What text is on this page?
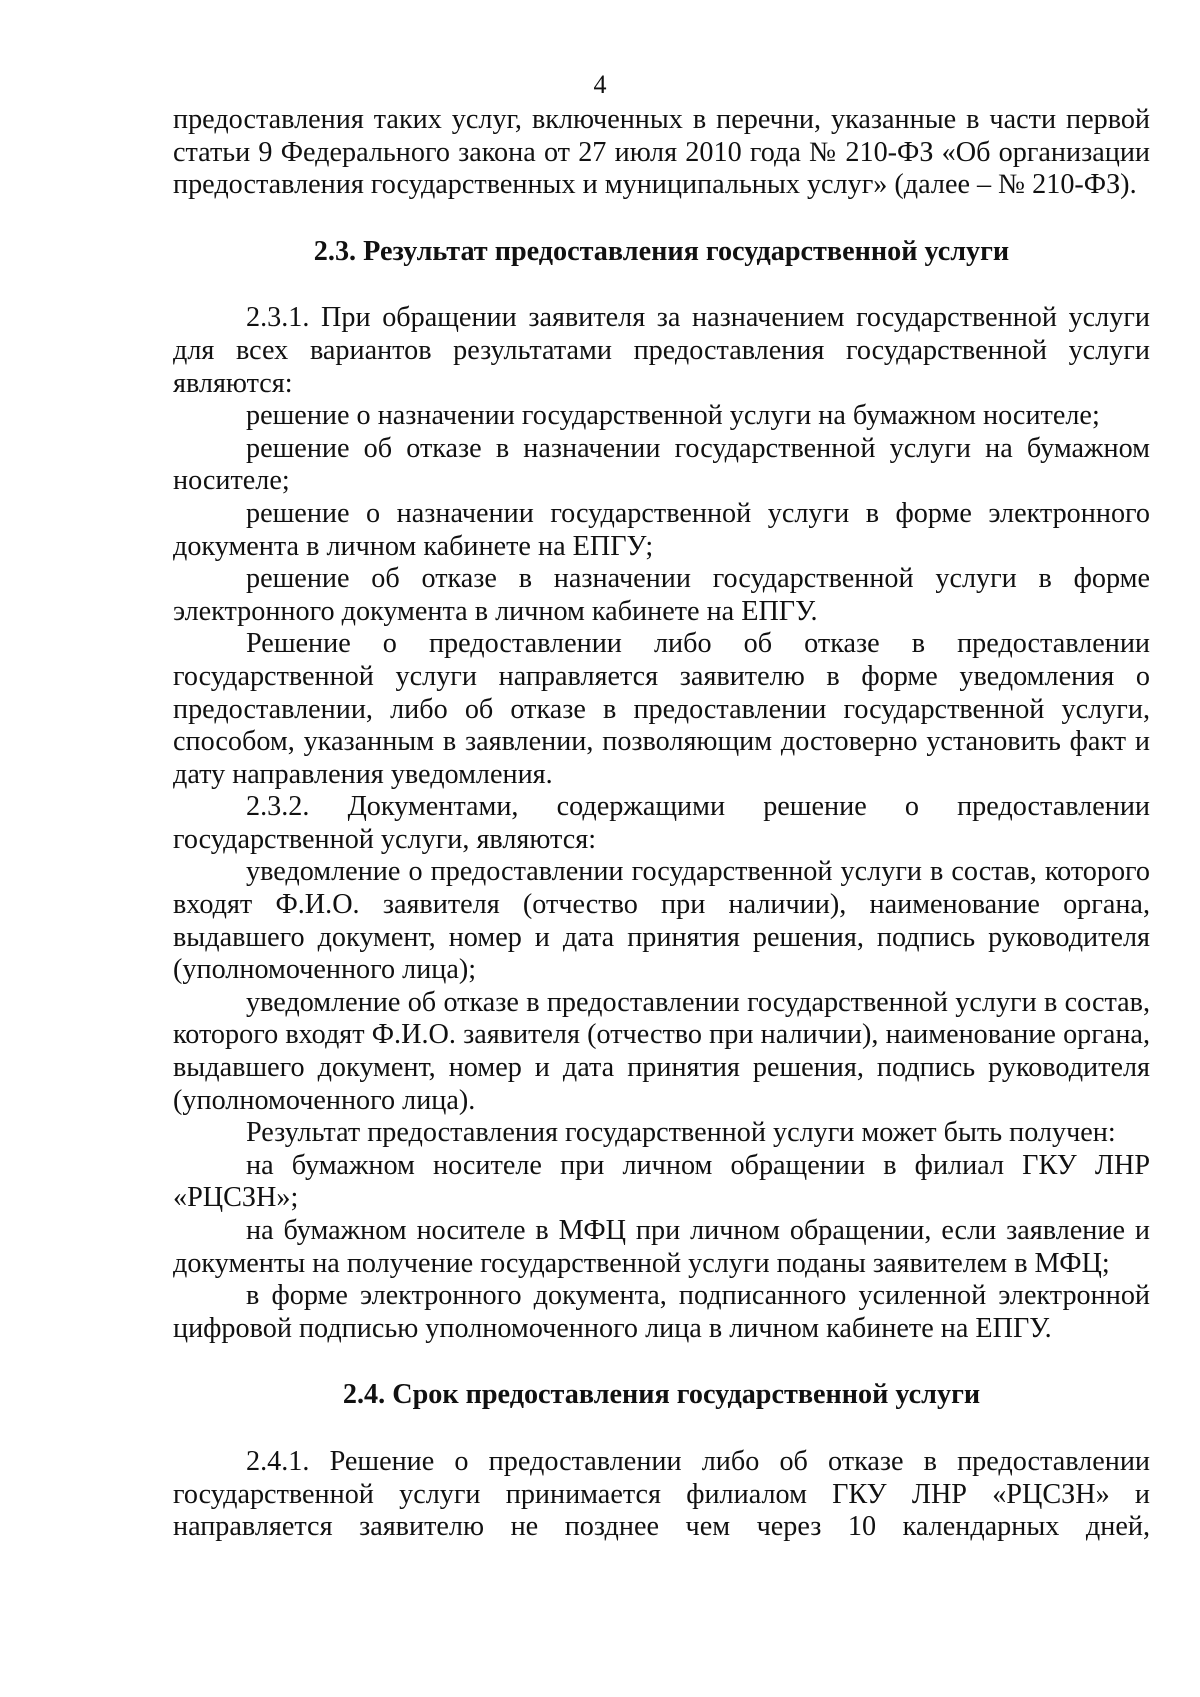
4

предоставления таких услуг, включенных в перечни, указанные в части первой статьи 9 Федерального закона от 27 июля 2010 года № 210-ФЗ «Об организации предоставления государственных и муниципальных услуг» (далее – № 210-ФЗ).

2.3. Результат предоставления государственной услуги

2.3.1. При обращении заявителя за назначением государственной услуги для всех вариантов результатами предоставления государственной услуги являются:

решение о назначении государственной услуги на бумажном носителе;

решение об отказе в назначении государственной услуги на бумажном носителе;

решение о назначении государственной услуги в форме электронного документа в личном кабинете на ЕПГУ;

решение об отказе в назначении государственной услуги в форме электронного документа в личном кабинете на ЕПГУ.

Решение о предоставлении либо об отказе в предоставлении государственной услуги направляется заявителю в форме уведомления о предоставлении, либо об отказе в предоставлении государственной услуги, способом, указанным в заявлении, позволяющим достоверно установить факт и дату направления уведомления.

2.3.2. Документами, содержащими решение о предоставлении государственной услуги, являются:

уведомление о предоставлении государственной услуги в состав, которого входят Ф.И.О. заявителя (отчество при наличии), наименование органа, выдавшего документ, номер и дата принятия решения, подпись руководителя (уполномоченного лица);

уведомление об отказе в предоставлении государственной услуги в состав, которого входят Ф.И.О. заявителя (отчество при наличии), наименование органа, выдавшего документ, номер и дата принятия решения, подпись руководителя (уполномоченного лица).

Результат предоставления государственной услуги может быть получен:

на бумажном носителе при личном обращении в филиал ГКУ ЛНР «РЦСЗН»;

на бумажном носителе в МФЦ при личном обращении, если заявление и документы на получение государственной услуги поданы заявителем в МФЦ;

в форме электронного документа, подписанного усиленной электронной цифровой подписью уполномоченного лица в личном кабинете на ЕПГУ.

2.4. Срок предоставления государственной услуги

2.4.1. Решение о предоставлении либо об отказе в предоставлении государственной услуги принимается филиалом ГКУ ЛНР «РЦСЗН» и направляется заявителю не позднее чем через 10 календарных дней,
